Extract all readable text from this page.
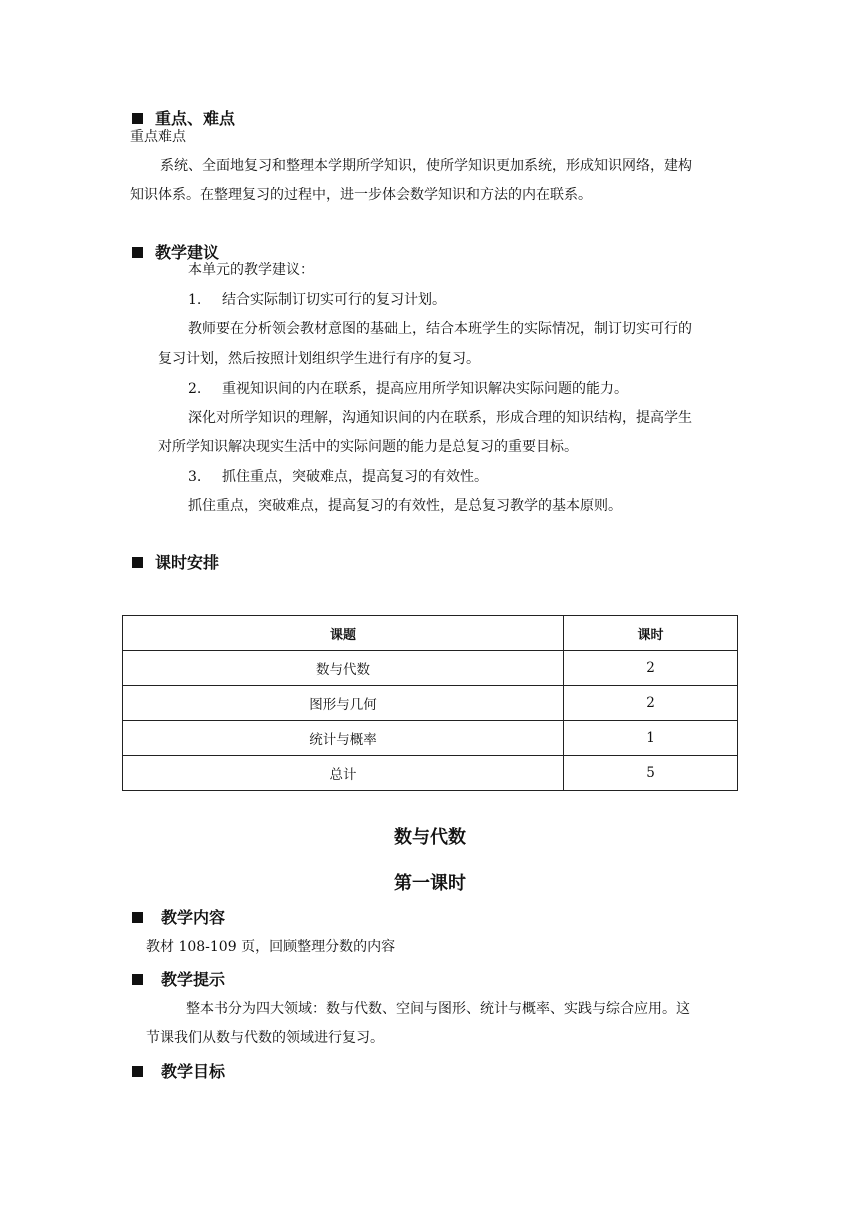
重点、难点
重点难点
系统、全面地复习和整理本学期所学知识，使所学知识更加系统，形成知识网络，建构
知识体系。在整理复习的过程中，进一步体会数学知识和方法的内在联系。
教学建议
本单元的教学建议：
1. 结合实际制订切实可行的复习计划。
教师要在分析领会教材意图的基础上，结合本班学生的实际情况，制订切实可行的
复习计划，然后按照计划组织学生进行有序的复习。
2. 重视知识间的内在联系，提高应用所学知识解决实际问题的能力。
深化对所学知识的理解，沟通知识间的内在联系，形成合理的知识结构，提高学生
对所学知识解决现实生活中的实际问题的能力是总复习的重要目标。
3. 抓住重点，突破难点，提高复习的有效性。
抓住重点，突破难点，提高复习的有效性，是总复习教学的基本原则。
课时安排
课题	课时
数与代数	2
图形与几何	2
统计与概率	1
总计	5
数与代数
第一课时
教学内容
教材 108-109 页，回顾整理分数的内容
教学提示
整本书分为四大领域：数与代数、空间与图形、统计与概率、实践与综合应用。这
节课我们从数与代数的领域进行复习。
教学目标
